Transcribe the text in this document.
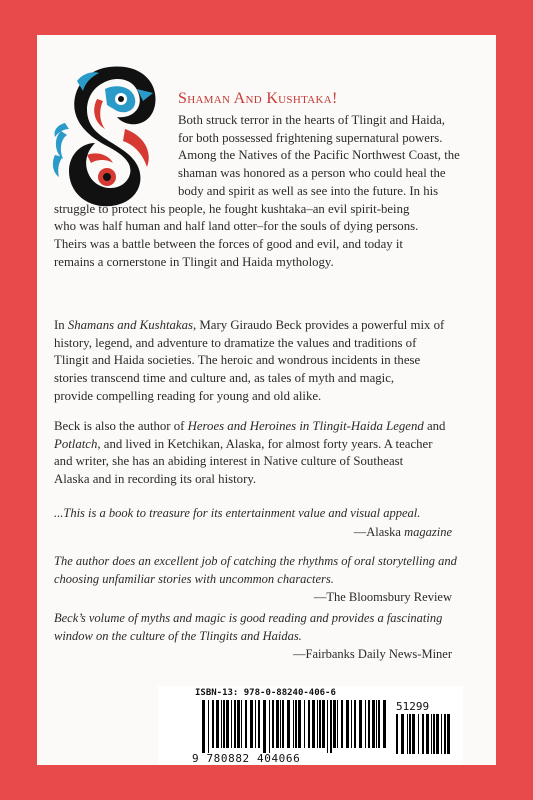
Shaman And Kushtaka!
Both struck terror in the hearts of Tlingit and Haida,
for both possessed frightening supernatural powers.
Among the Natives of the Pacific Northwest Coast, the
shaman was honored as a person who could heal the
body and spirit as well as see into the future. In his
struggle to protect his people, he fought kushtaka–an evil spirit-being
who was half human and half land otter–for the souls of dying persons.
Theirs was a battle between the forces of good and evil, and today it
remains a cornerstone in Tlingit and Haida mythology.
In Shamans and Kushtakas, Mary Giraudo Beck provides a powerful mix of
history, legend, and adventure to dramatize the values and traditions of
Tlingit and Haida societies. The heroic and wondrous incidents in these
stories transcend time and culture and, as tales of myth and magic,
provide compelling reading for young and old alike.
Beck is also the author of Heroes and Heroines in Tlingit-Haida Legend and
Potlatch, and lived in Ketchikan, Alaska, for almost forty years. A teacher
and writer, she has an abiding interest in Native culture of Southeast
Alaska and in recording its oral history.
...This is a book to treasure for its entertainment value and visual appeal.
—Alaska magazine
The author does an excellent job of catching the rhythms of oral storytelling and
choosing unfamiliar stories with uncommon characters.
—The Bloomsbury Review
Beck’s volume of myths and magic is good reading and provides a fascinating
window on the culture of the Tlingits and Haidas.
—Fairbanks Daily News-Miner
ISBN-13: 978-0-88240-406-6
51299
9 780882 404066
